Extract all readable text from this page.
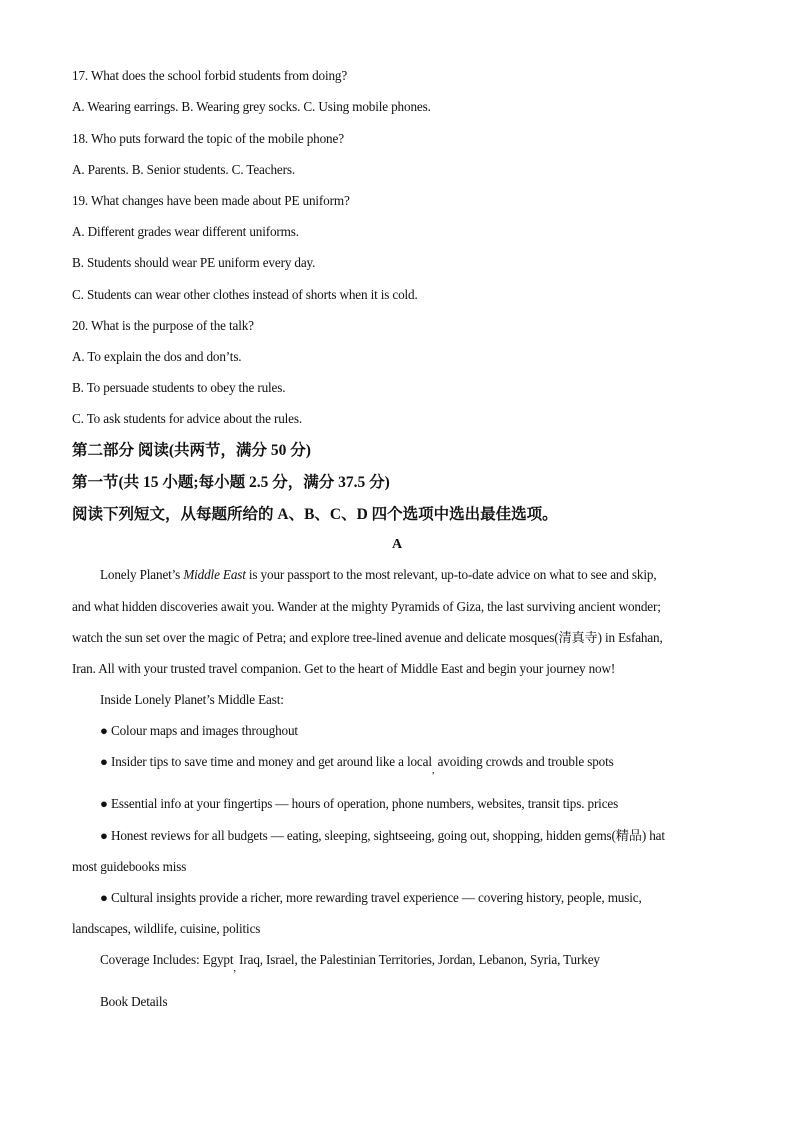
17. What does the school forbid students from doing?
A. Wearing earrings. B. Wearing grey socks. C. Using mobile phones.
18. Who puts forward the topic of the mobile phone?
A. Parents. B. Senior students. C. Teachers.
19. What changes have been made about PE uniform?
A. Different grades wear different uniforms.
B. Students should wear PE uniform every day.
C. Students can wear other clothes instead of shorts when it is cold.
20. What is the purpose of the talk?
A. To explain the dos and don’ts.
B. To persuade students to obey the rules.
C. To ask students for advice about the rules.
第二部分 阅读(共两节，满分 50 分)
第一节(共 15 小题;每小题 2.5 分，满分 37.5 分)
阅读下列短文，从每题所给的 A、B、C、D 四个选项中选出最佳选项。
A
Lonely Planet’s Middle East is your passport to the most relevant, up-to-date advice on what to see and skip,
and what hidden discoveries await you. Wander at the mighty Pyramids of Giza, the last surviving ancient wonder;
watch the sun set over the magic of Petra; and explore tree-lined avenue and delicate mosques(清真寺) in Esfahan,
Iran. All with your trusted travel companion. Get to the heart of Middle East and begin your journey now!
Inside Lonely Planet’s Middle East:
● Colour maps and images throughout
● Insider tips to save time and money and get around like a local$_,$ avoiding crowds and trouble spots
● Essential info at your fingertips — hours of operation, phone numbers, websites, transit tips. prices
● Honest reviews for all budgets — eating, sleeping, sightseeing, going out, shopping, hidden gems(精品) hat
most guidebooks miss
● Cultural insights provide a richer, more rewarding travel experience — covering history, people, music,
landscapes, wildlife, cuisine, politics
Coverage Includes: Egypt$_,$ Iraq, Israel, the Palestinian Territories, Jordan, Lebanon, Syria, Turkey
Book Details
